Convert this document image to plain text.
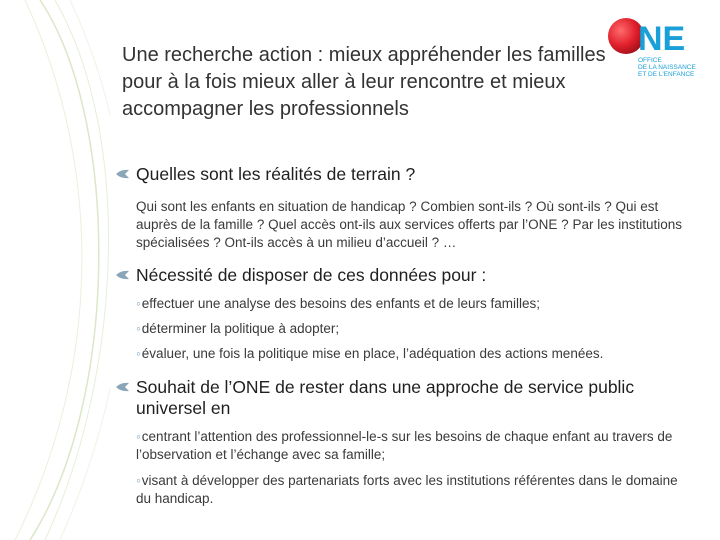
Une recherche action : mieux appréhender les familles pour à la fois mieux aller à leur rencontre et mieux accompagner les professionnels
NE
OFFICE
DE LA NAISSANCE
ET DE L'ENFANCE
Quelles sont les réalités de terrain ?
Qui sont les enfants en situation de handicap ? Combien sont-ils ? Où sont-ils ? Qui est auprès de la famille ? Quel accès ont-ils aux services offerts par l’ONE ? Par les institutions spécialisées ? Ont-ils accès à un milieu d’accueil ? …
Nécessité de disposer de ces données pour :
◦effectuer une analyse des besoins des enfants et de leurs familles;
◦déterminer la politique à adopter;
◦évaluer, une fois la politique mise en place, l’adéquation des actions menées.
Souhait de l’ONE de rester dans une approche de service public universel en
◦centrant l’attention des professionnel-le-s sur les besoins de chaque enfant au travers de l’observation et l’échange avec sa famille;
◦visant à développer des partenariats forts avec les institutions référentes dans le domaine du handicap.
